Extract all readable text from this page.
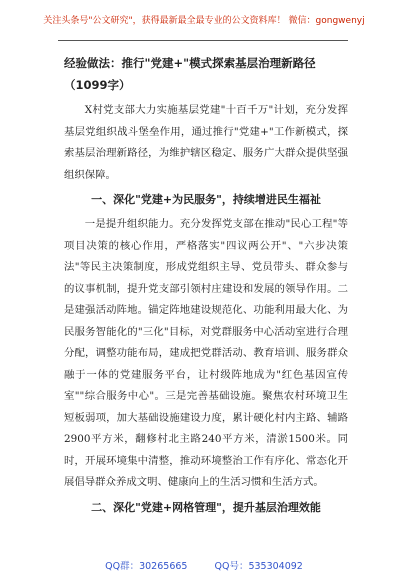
关注头条号"公文研究"，获得最新最全最专业的公文资料库！ 微信：gongwenyj
经验做法：推行"党建+"模式探索基层治理新路径（1099字）

X村党支部大力实施基层党建"十百千万"计划，充分发挥基层党组织战斗堡垒作用，通过推行"党建+"工作新模式，探索基层治理新路径，为维护辖区稳定、服务广大群众提供坚强组织保障。

一、深化"党建+为民服务"，持续增进民生福祉

一是提升组织能力。充分发挥党支部在推动"民心工程"等项目决策的核心作用，严格落实"四议两公开"、"六步决策法"等民主决策制度，形成党组织主导、党员带头、群众参与的议事机制，提升党支部引领村庄建设和发展的领导作用。二是建强活动阵地。锚定阵地建设规范化、功能利用最大化、为民服务智能化的"三化"目标，对党群服务中心活动室进行合理分配，调整功能布局，建成把党群活动、教育培训、服务群众融于一体的党建服务平台，让村级阵地成为"红色基因宣传室""综合服务中心"。三是完善基础设施。聚焦农村环境卫生短板弱项，加大基础设施建设力度，累计硬化村内主路、辅路2900平方米，翻修村北主路240平方米，清淤1500米。同时，开展环境集中清整，推动环境整治工作有序化、常态化开展倡导群众养成文明、健康向上的生活习惯和生活方式。

二、深化"党建+网格管理"，提升基层治理效能
QQ群：30265665	QQ号：535304092
